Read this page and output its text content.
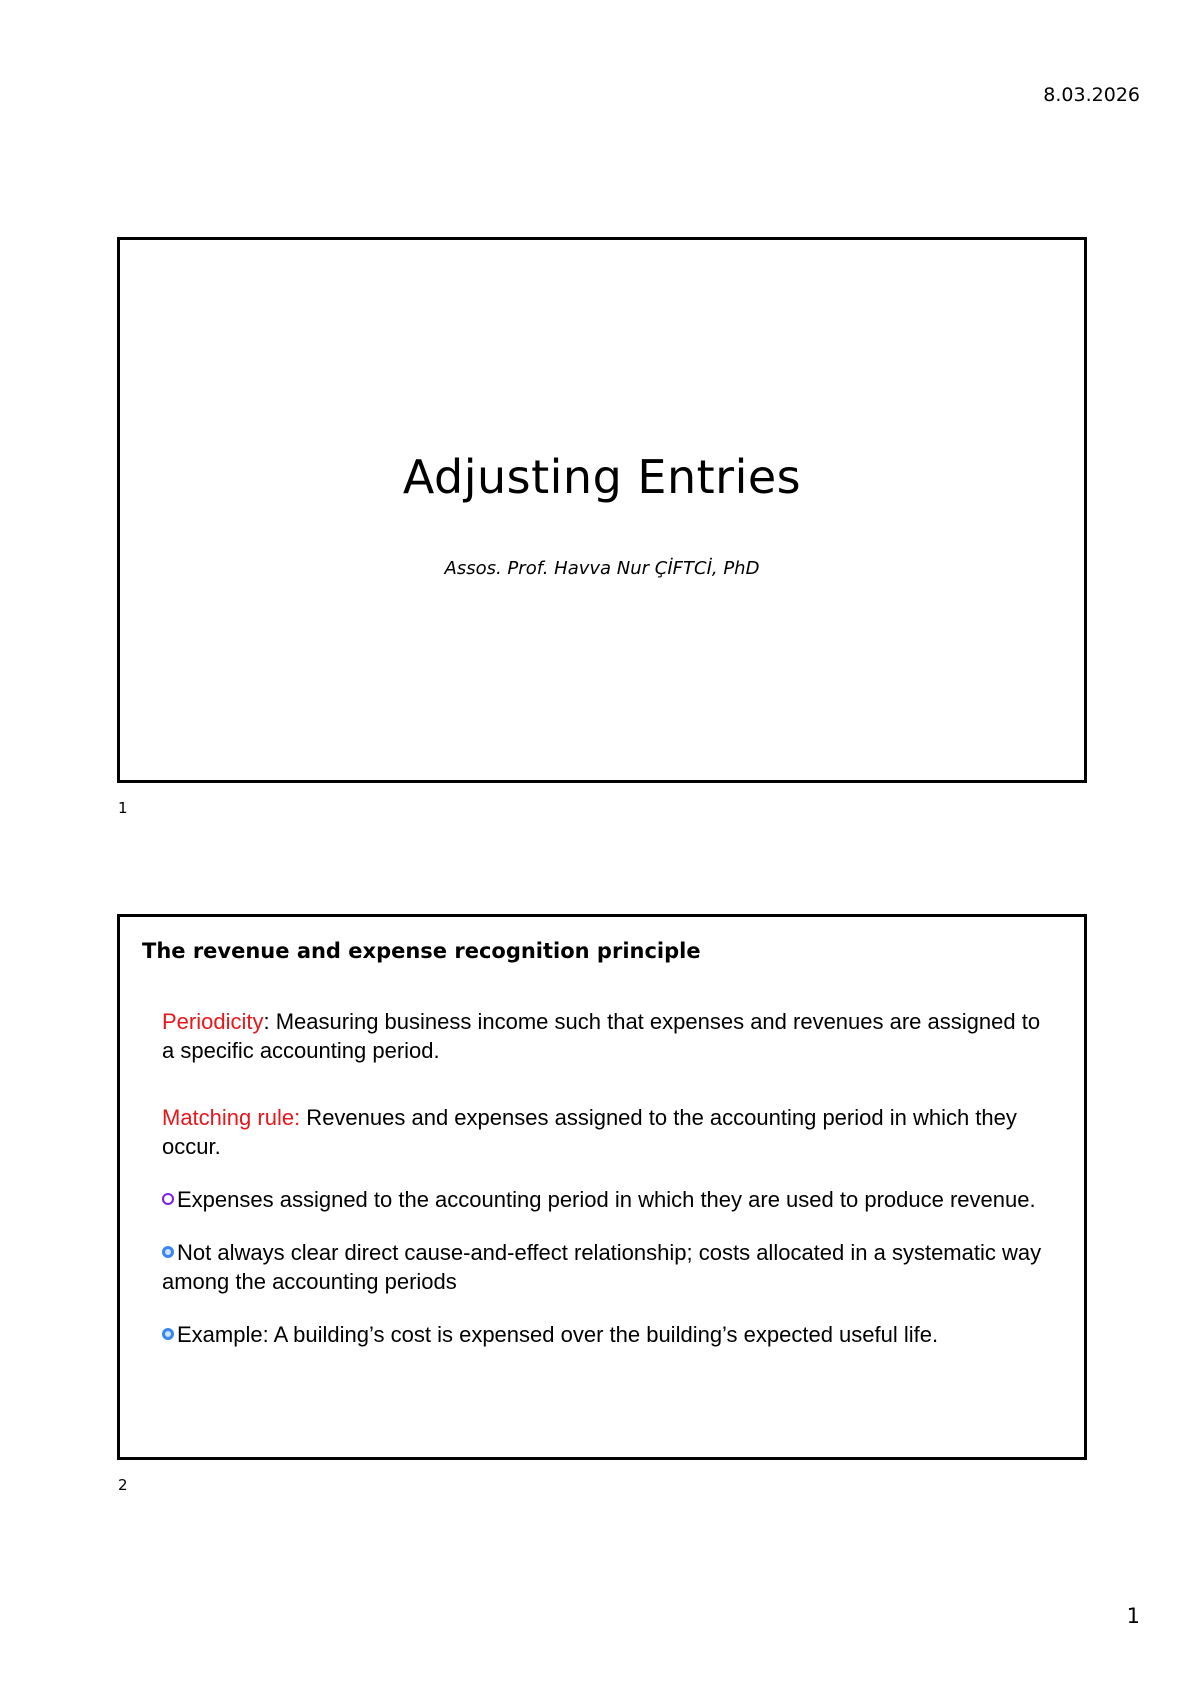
8.03.2026
Adjusting Entries
Assos. Prof. Havva Nur ÇİFTCİ, PhD
1
The revenue and expense recognition principle

Periodicity: Measuring business income such that expenses and revenues are assigned to a specific accounting period.

Matching rule: Revenues and expenses assigned to the accounting period in which they occur.

Expenses assigned to the accounting period in which they are used to produce revenue.

Not always clear direct cause-and-effect relationship; costs allocated in a systematic way among the accounting periods

Example: A building’s cost is expensed over the building’s expected useful life.

2
1
